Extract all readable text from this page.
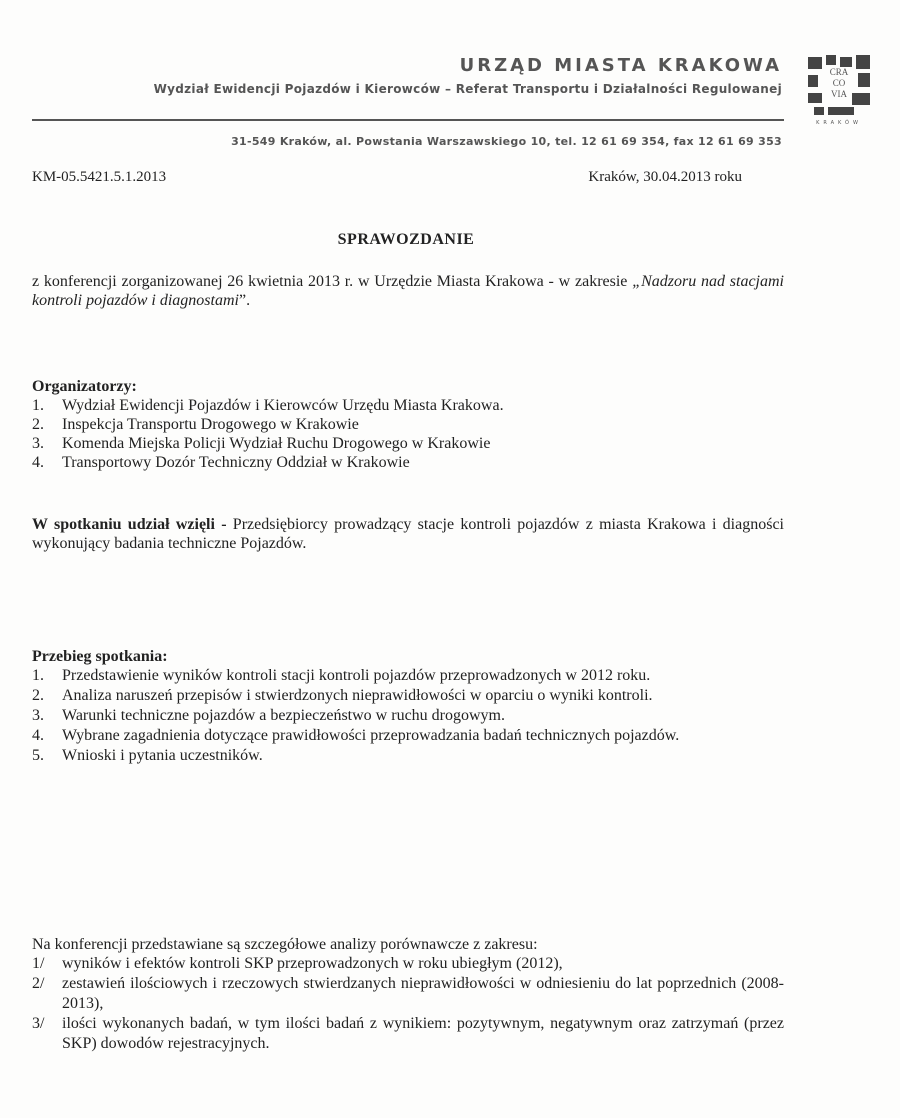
URZĄD MIASTA KRAKOWA
Wydział Ewidencji Pojazdów i Kierowców – Referat Transportu i Działalności Regulowanej
31-549 Kraków, al. Powstania Warszawskiego 10, tel. 12 61 69 354, fax 12 61 69 353
CRA
CO
VIA
KRAKÓW
KM-05.5421.5.1.2013	Kraków, 30.04.2013 roku
SPRAWOZDANIE
z konferencji zorganizowanej 26 kwietnia 2013 r. w Urzędzie Miasta Krakowa - w zakresie „Nadzoru nad stacjami kontroli pojazdów i diagnostami”.
Organizatorzy:
1.	Wydział Ewidencji Pojazdów i Kierowców Urzędu Miasta Krakowa.
2.	Inspekcja Transportu Drogowego w Krakowie
3.	Komenda Miejska Policji Wydział Ruchu Drogowego w Krakowie
4.	Transportowy Dozór Techniczny Oddział w Krakowie
W spotkaniu udział wzięli - Przedsiębiorcy prowadzący stacje kontroli pojazdów z miasta Krakowa i diagności wykonujący badania techniczne Pojazdów.
Przebieg spotkania:
1.	Przedstawienie wyników kontroli stacji kontroli pojazdów przeprowadzonych w 2012 roku.
2.	Analiza naruszeń przepisów i stwierdzonych nieprawidłowości w oparciu o wyniki kontroli.
3.	Warunki techniczne pojazdów a bezpieczeństwo w ruchu drogowym.
4.	Wybrane zagadnienia dotyczące prawidłowości przeprowadzania badań technicznych pojazdów.
5.	Wnioski i pytania uczestników.
Na konferencji przedstawiane są szczegółowe analizy porównawcze z zakresu:
1/	wyników i efektów kontroli SKP przeprowadzonych w roku ubiegłym (2012),
2/	zestawień ilościowych i rzeczowych stwierdzanych nieprawidłowości w odniesieniu do lat poprzednich (2008-2013),
3/	ilości wykonanych badań, w tym ilości badań z wynikiem: pozytywnym, negatywnym oraz zatrzymań (przez SKP) dowodów rejestracyjnych.
